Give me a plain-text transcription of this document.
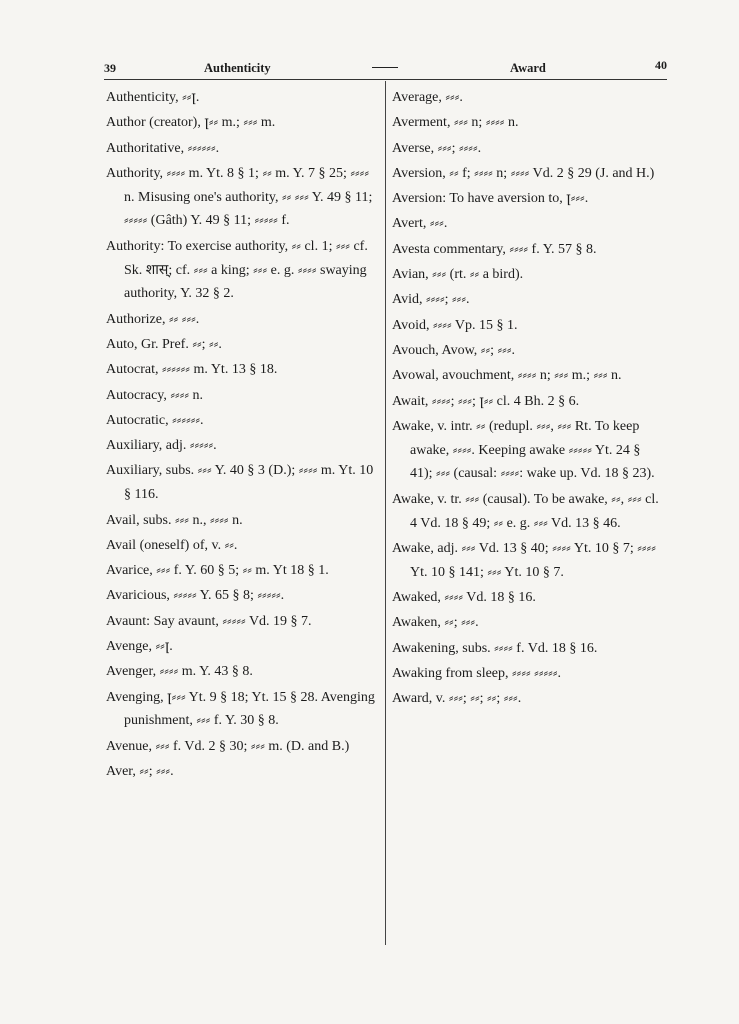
39	Authenticity	Award	40

Authenticity, ⸗⸗ꞁ.

Author (creator), ꞁ⸗⸗ m.; ⸗⸗⸗ m.

Authoritative, ⸗⸗⸗⸗⸗⸗.

Authority, ⸗⸗⸗⸗ m. Yt. 8 § 1; ⸗⸗ m. Y. 7 § 25; ⸗⸗⸗⸗ n. Misusing one's authority, ⸗⸗ ⸗⸗⸗ Y. 49 § 11; ⸗⸗⸗⸗⸗ (Gâth) Y. 49 § 11; ⸗⸗⸗⸗⸗ f.

Authority: To exercise authority, ⸗⸗ cl. 1; ⸗⸗⸗ cf. Sk. शास्; cf. ⸗⸗⸗ a king; ⸗⸗⸗ e. g. ⸗⸗⸗⸗ swaying authority, Y. 32 § 2.

Authorize, ⸗⸗ ⸗⸗⸗.

Auto, Gr. Pref. ⸗⸗; ⸗⸗.

Autocrat, ⸗⸗⸗⸗⸗⸗ m. Yt. 13 § 18.

Autocracy, ⸗⸗⸗⸗ n.

Autocratic, ⸗⸗⸗⸗⸗⸗.

Auxiliary, adj. ⸗⸗⸗⸗⸗.

Auxiliary, subs. ⸗⸗⸗ Y. 40 § 3 (D.); ⸗⸗⸗⸗ m. Yt. 10 § 116.

Avail, subs. ⸗⸗⸗ n., ⸗⸗⸗⸗ n.

Avail (oneself) of, v. ⸗⸗.

Avarice, ⸗⸗⸗ f. Y. 60 § 5; ⸗⸗ m. Yt 18 § 1.

Avaricious, ⸗⸗⸗⸗⸗ Y. 65 § 8; ⸗⸗⸗⸗⸗.

Avaunt: Say avaunt, ⸗⸗⸗⸗⸗ Vd. 19 § 7.

Avenge, ⸗⸗ꞁ.

Avenger, ⸗⸗⸗⸗ m. Y. 43 § 8.

Avenging, ꞁ⸗⸗⸗ Yt. 9 § 18; Yt. 15 § 28. Avenging punishment, ⸗⸗⸗ f. Y. 30 § 8.

Avenue, ⸗⸗⸗ f. Vd. 2 § 30; ⸗⸗⸗ m. (D. and B.)

Aver, ⸗⸗; ⸗⸗⸗.

Average, ⸗⸗⸗.

Averment, ⸗⸗⸗ n; ⸗⸗⸗⸗ n.

Averse, ⸗⸗⸗; ⸗⸗⸗⸗.

Aversion, ⸗⸗ f; ⸗⸗⸗⸗ n; ⸗⸗⸗⸗ Vd. 2 § 29 (J. and H.)

Aversion: To have aversion to, ꞁ⸗⸗⸗.

Avert, ⸗⸗⸗.

Avesta commentary, ⸗⸗⸗⸗ f. Y. 57 § 8.

Avian, ⸗⸗⸗ (rt. ⸗⸗ a bird).

Avid, ⸗⸗⸗⸗; ⸗⸗⸗.

Avoid, ⸗⸗⸗⸗ Vp. 15 § 1.

Avouch, Avow, ⸗⸗; ⸗⸗⸗.

Avowal, avouchment, ⸗⸗⸗⸗ n; ⸗⸗⸗ m.; ⸗⸗⸗ n.

Await, ⸗⸗⸗⸗; ⸗⸗⸗; ꞁ⸗⸗ cl. 4 Bh. 2 § 6.

Awake, v. intr. ⸗⸗ (redupl. ⸗⸗⸗, ⸗⸗⸗ Rt. To keep awake, ⸗⸗⸗⸗. Keeping awake ⸗⸗⸗⸗⸗ Yt. 24 § 41); ⸗⸗⸗ (causal: ⸗⸗⸗⸗: wake up. Vd. 18 § 23).

Awake, v. tr. ⸗⸗⸗ (causal). To be awake, ⸗⸗, ⸗⸗⸗ cl. 4 Vd. 18 § 49; ⸗⸗ e. g. ⸗⸗⸗ Vd. 13 § 46.

Awake, adj. ⸗⸗⸗ Vd. 13 § 40; ⸗⸗⸗⸗ Yt. 10 § 7; ⸗⸗⸗⸗ Yt. 10 § 141; ⸗⸗⸗ Yt. 10 § 7.

Awaked, ⸗⸗⸗⸗ Vd. 18 § 16.

Awaken, ⸗⸗; ⸗⸗⸗.

Awakening, subs. ⸗⸗⸗⸗ f. Vd. 18 § 16.

Awaking from sleep, ⸗⸗⸗⸗ ⸗⸗⸗⸗⸗.

Award, v. ⸗⸗⸗; ⸗⸗; ⸗⸗; ⸗⸗⸗.
